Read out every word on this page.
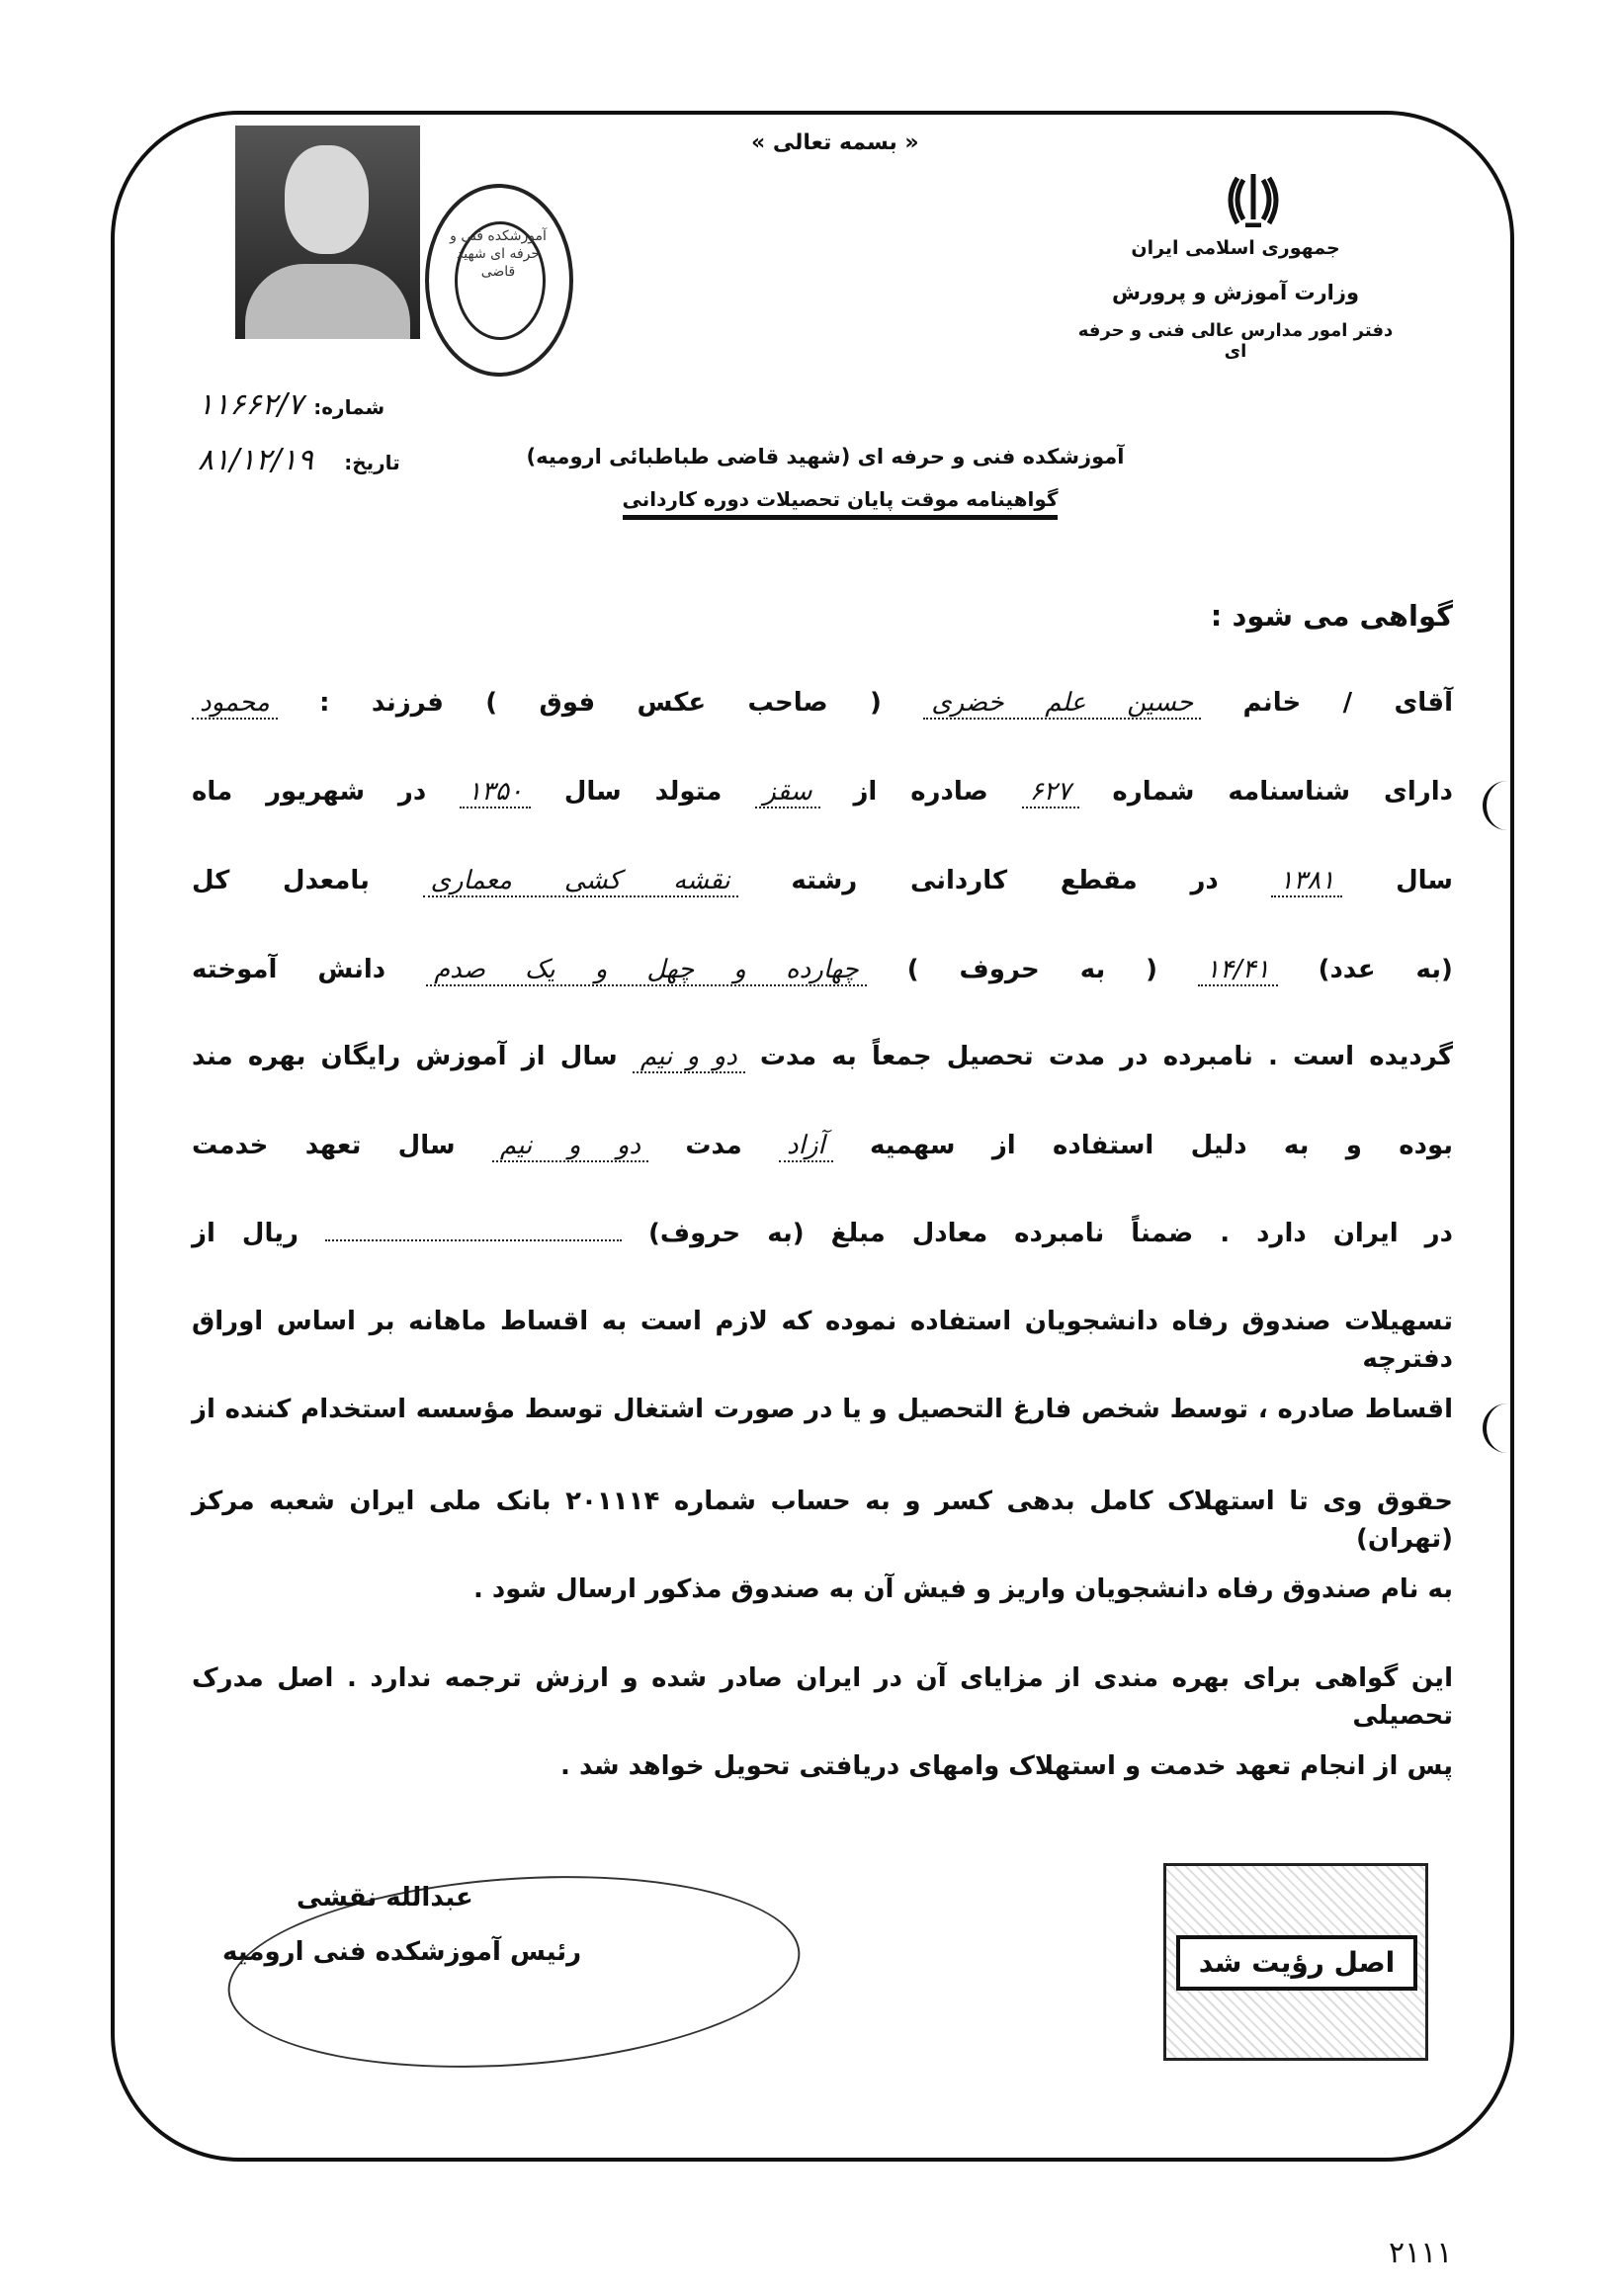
آموزشکده فنی و حرفه ای شهید قاضی
« بسمه تعالی »
جمهوری اسلامی ایران
وزارت آموزش و پرورش
دفتر امور مدارس عالی فنی و حرفه ای
شماره: ۱۱۶۶۲/۷
تاریخ:   ۸۱/۱۲/۱۹	آموزشکده فنی و حرفه ای (شهید قاضی طباطبائی ارومیه)
گواهینامه موقت پایان تحصیلات دوره کاردانی
گواهی می شود :
آقای / خانم حسین علم خضری ( صاحب عکس فوق ) فرزند : محمود
دارای شناسنامه شماره ۶۲۷ صادره از سقز متولد سال ۱۳۵۰ در شهریور ماه
سال ۱۳۸۱ در مقطع کاردانی رشته نقشه کشی معماری بامعدل کل
(به عدد) ۱۴/۴۱ ( به حروف ) چهارده و چهل و یک صدم دانش آموخته
گردیده است . نامبرده در مدت تحصیل جمعاً به مدت دو و نیم سال از آموزش رایگان بهره مند
بوده و به دلیل استفاده از سهمیه آزاد مدت دو و نیم سال تعهد خدمت
در ایران دارد . ضمناً نامبرده معادل مبلغ (به حروف)  ریال از
تسهیلات صندوق رفاه دانشجویان استفاده نموده که لازم است به اقساط ماهانه بر اساس اوراق دفترچه
اقساط صادره ، توسط شخص فارغ التحصیل و یا در صورت اشتغال توسط مؤسسه استخدام کننده از
حقوق وی تا استهلاک کامل بدهی کسر و به حساب شماره ۲۰۱۱۱۴ بانک ملی ایران شعبه مرکز (تهران)
به نام صندوق رفاه دانشجویان واریز و فیش آن به صندوق مذکور ارسال شود .
این گواهی برای بهره مندی از مزایای آن در ایران صادر شده و ارزش ترجمه ندارد . اصل مدرک تحصیلی
پس از انجام تعهد خدمت و استهلاک وامهای دریافتی تحویل خواهد شد .
عبدالله نقشی
رئیس آموزشکده فنی ارومیه	اصل رؤیت شد
۲۱۱۱
